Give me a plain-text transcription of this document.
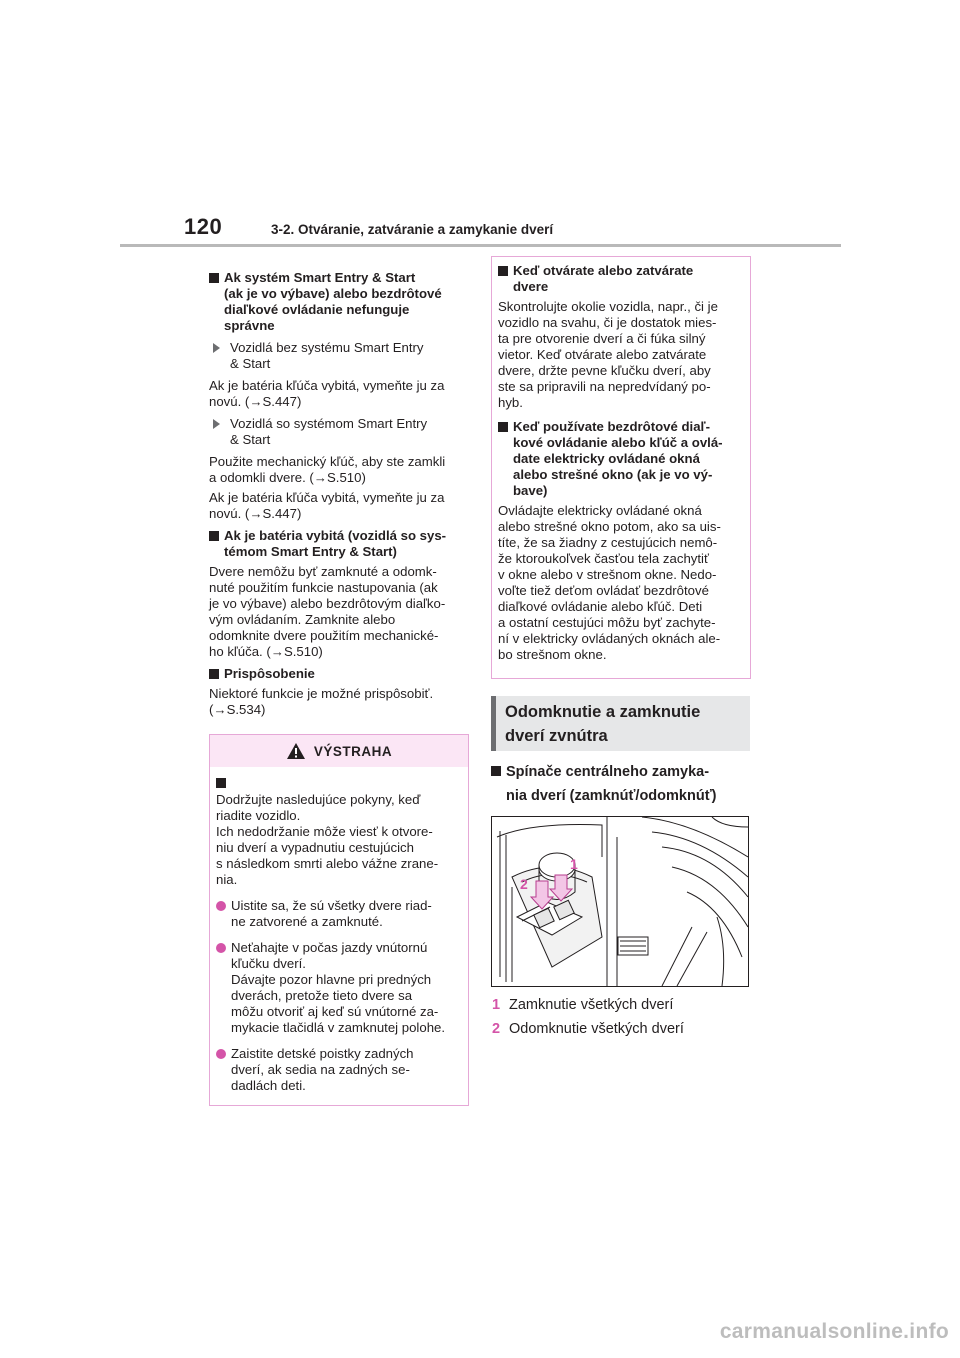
120	3-2. Otváranie, zatváranie a zamykanie dverí
Ak systém Smart Entry & Start
(ak je vo výbave) alebo bezdrôtové
diaľkové ovládanie nefunguje
správne
Vozidlá bez systému Smart Entry
& Start
Ak je batéria kľúča vybitá, vymeňte ju za
novú. (→S.447)
Vozidlá so systémom Smart Entry
& Start
Použite mechanický kľúč, aby ste zamkli
a odomkli dvere. (→S.510)
Ak je batéria kľúča vybitá, vymeňte ju za
novú. (→S.447)
Ak je batéria vybitá (vozidlá so sys-
témom Smart Entry & Start)
Dvere nemôžu byť zamknuté a odomk-
nuté použitím funkcie nastupovania (ak
je vo výbave) alebo bezdrôtovým diaľko-
vým ovládaním. Zamknite alebo
odomknite dvere použitím mechanické-
ho kľúča. (→S.510)
Prispôsobenie
Niektoré funkcie je možné prispôsobiť.
(→S.534)
VÝSTRAHA
Dodržujte nasledujúce pokyny, keď
riadite vozidlo.
Ich nedodržanie môže viesť k otvore-
niu dverí a vypadnutiu cestujúcich
s následkom smrti alebo vážne zrane-
nia.
Uistite sa, že sú všetky dvere riad-
ne zatvorené a zamknuté.
Neťahajte v počas jazdy vnútornú
kľučku dverí.
Dávajte pozor hlavne pri predných
dverách, pretože tieto dvere sa
môžu otvoriť aj keď sú vnútorné za-
mykacie tlačidlá v zamknutej polohe.
Zaistite detské poistky zadných
dverí, ak sedia na zadných se-
dadlách deti.
Keď otvárate alebo zatvárate
dvere
Skontrolujte okolie vozidla, napr., či je
vozidlo na svahu, či je dostatok mies-
ta pre otvorenie dverí a či fúka silný
vietor. Keď otvárate alebo zatvárate
dvere, držte pevne kľučku dverí, aby
ste sa pripravili na nepredvídaný po-
hyb.
Keď používate bezdrôtové diaľ-
kové ovládanie alebo kľúč a ovlá-
date elektricky ovládané okná
alebo strešné okno (ak je vo vý-
bave)
Ovládajte elektricky ovládané okná
alebo strešné okno potom, ako sa uis-
títe, že sa žiadny z cestujúcich nemô-
že ktoroukoľvek časťou tela zachytiť
v okne alebo v strešnom okne. Nedo-
voľte tiež deťom ovládať bezdrôtové
diaľkové ovládanie alebo kľúč. Deti
a ostatní cestujúci môžu byť zachyte-
ní v elektricky ovládaných oknách ale-
bo strešnom okne.
Odomknutie a zamknutie
dverí zvnútra
Spínače centrálneho zamyka-
nia dverí (zamknúť/odomknúť)
1
2
1 Zamknutie všetkých dverí
2 Odomknutie všetkých dverí
carmanualsonline.info
